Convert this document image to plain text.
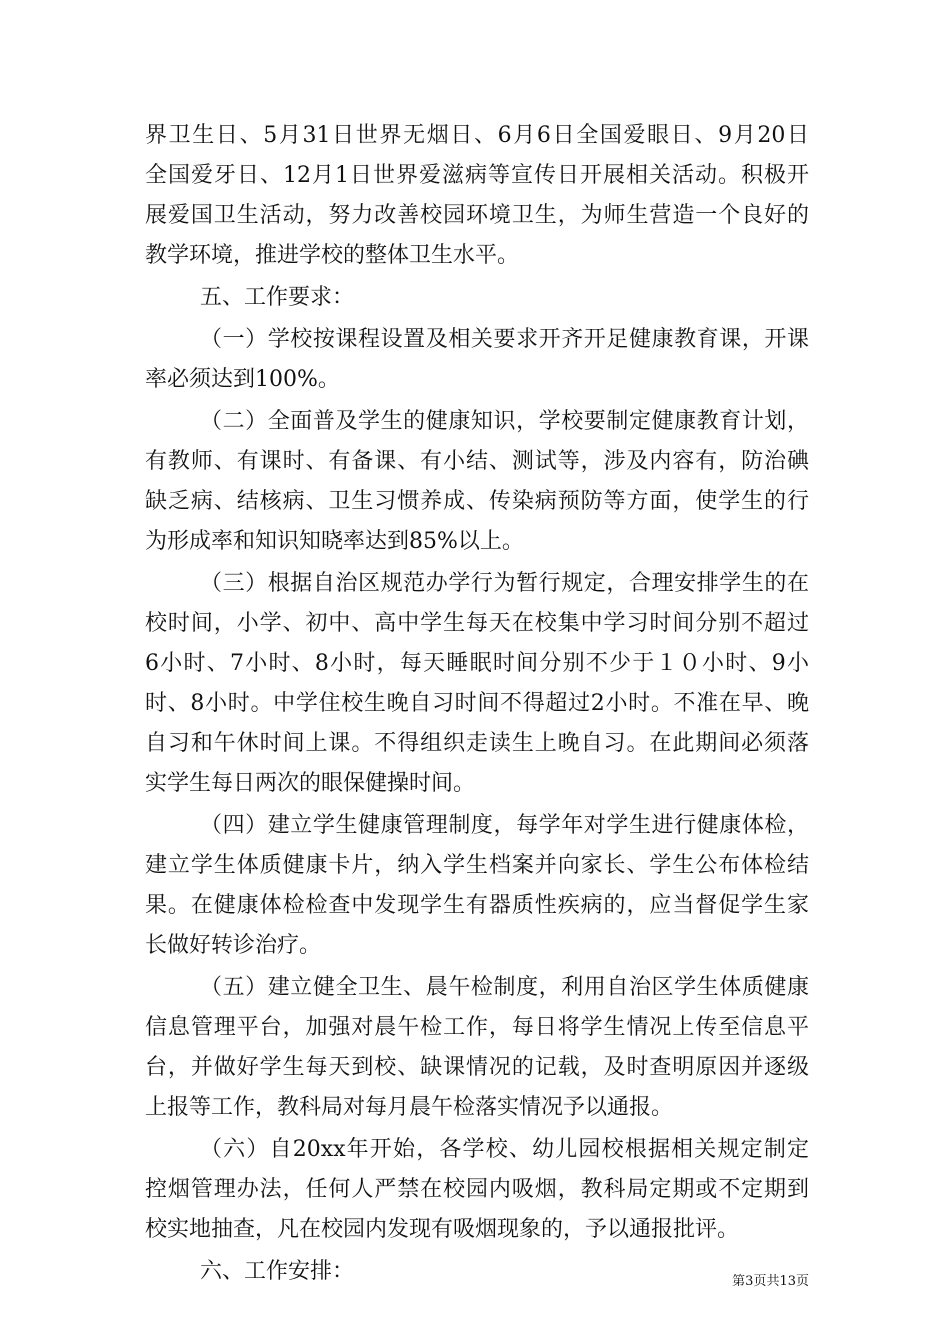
界卫生日、5月31日世界无烟日、6月6日全国爱眼日、9月20日
全国爱牙日、12月1日世界爱滋病等宣传日开展相关活动。积极开
展爱国卫生活动，努力改善校园环境卫生，为师生营造一个良好的
教学环境，推进学校的整体卫生水平。
五、工作要求：
（一）学校按课程设置及相关要求开齐开足健康教育课，开课
率必须达到100%。
（二）全面普及学生的健康知识，学校要制定健康教育计划，
有教师、有课时、有备课、有小结、测试等，涉及内容有，防治碘
缺乏病、结核病、卫生习惯养成、传染病预防等方面，使学生的行
为形成率和知识知晓率达到85%以上。
（三）根据自治区规范办学行为暂行规定，合理安排学生的在
校时间，小学、初中、高中学生每天在校集中学习时间分别不超过
6小时、7小时、8小时，每天睡眠时间分别不少于１０小时、9小
时、8小时。中学住校生晚自习时间不得超过2小时。不准在早、晚
自习和午休时间上课。不得组织走读生上晚自习。在此期间必须落
实学生每日两次的眼保健操时间。
（四）建立学生健康管理制度，每学年对学生进行健康体检，
建立学生体质健康卡片，纳入学生档案并向家长、学生公布体检结
果。在健康体检检查中发现学生有器质性疾病的，应当督促学生家
长做好转诊治疗。
（五）建立健全卫生、晨午检制度，利用自治区学生体质健康
信息管理平台，加强对晨午检工作，每日将学生情况上传至信息平
台，并做好学生每天到校、缺课情况的记载，及时查明原因并逐级
上报等工作，教科局对每月晨午检落实情况予以通报。
（六）自20xx年开始，各学校、幼儿园校根据相关规定制定
控烟管理办法，任何人严禁在校园内吸烟，教科局定期或不定期到
校实地抽查，凡在校园内发现有吸烟现象的，予以通报批评。
六、工作安排：	第3页共13页
